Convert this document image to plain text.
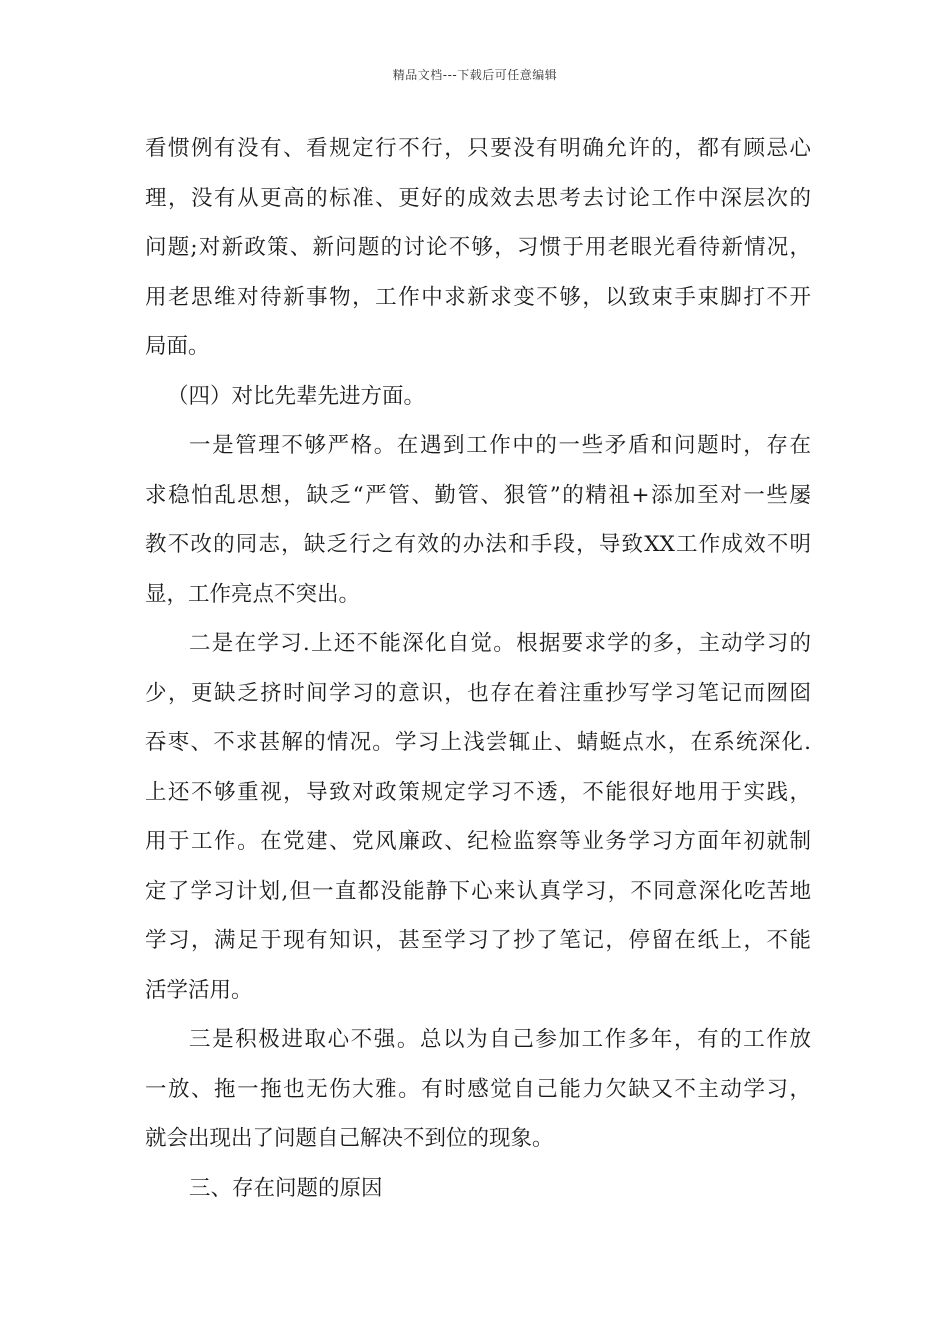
精品文档---下载后可任意编辑

看惯例有没有、看规定行不行，只要没有明确允许的，都有顾忌心
理，没有从更高的标准、更好的成效去思考去讨论工作中深层次的
问题;对新政策、新问题的讨论不够，习惯于用老眼光看待新情况，
用老思维对待新事物，工作中求新求变不够，以致束手束脚打不开
局面。

（四）对比先辈先进方面。

一是管理不够严格。在遇到工作中的一些矛盾和问题时，存在
求稳怕乱思想，缺乏“严管、勤管、狠管”的精祖+添加至对一些屡
教不改的同志，缺乏行之有效的办法和手段，导致XX工作成效不明
显，工作亮点不突出。

二是在学习.上还不能深化自觉。根据要求学的多，主动学习的
少，更缺乏挤时间学习的意识，也存在着注重抄写学习笔记而囫囵
吞枣、不求甚解的情况。学习上浅尝辄止、蜻蜓点水，在系统深化.
上还不够重视，导致对政策规定学习不透，不能很好地用于实践，
用于工作。在党建、党风廉政、纪检监察等业务学习方面年初就制
定了学习计划,但一直都没能静下心来认真学习，不同意深化吃苦地
学习，满足于现有知识，甚至学习了抄了笔记，停留在纸上，不能
活学活用。

三是积极进取心不强。总以为自己参加工作多年，有的工作放
一放、拖一拖也无伤大雅。有时感觉自己能力欠缺又不主动学习，
就会出现出了问题自己解决不到位的现象。

三、存在问题的原因
